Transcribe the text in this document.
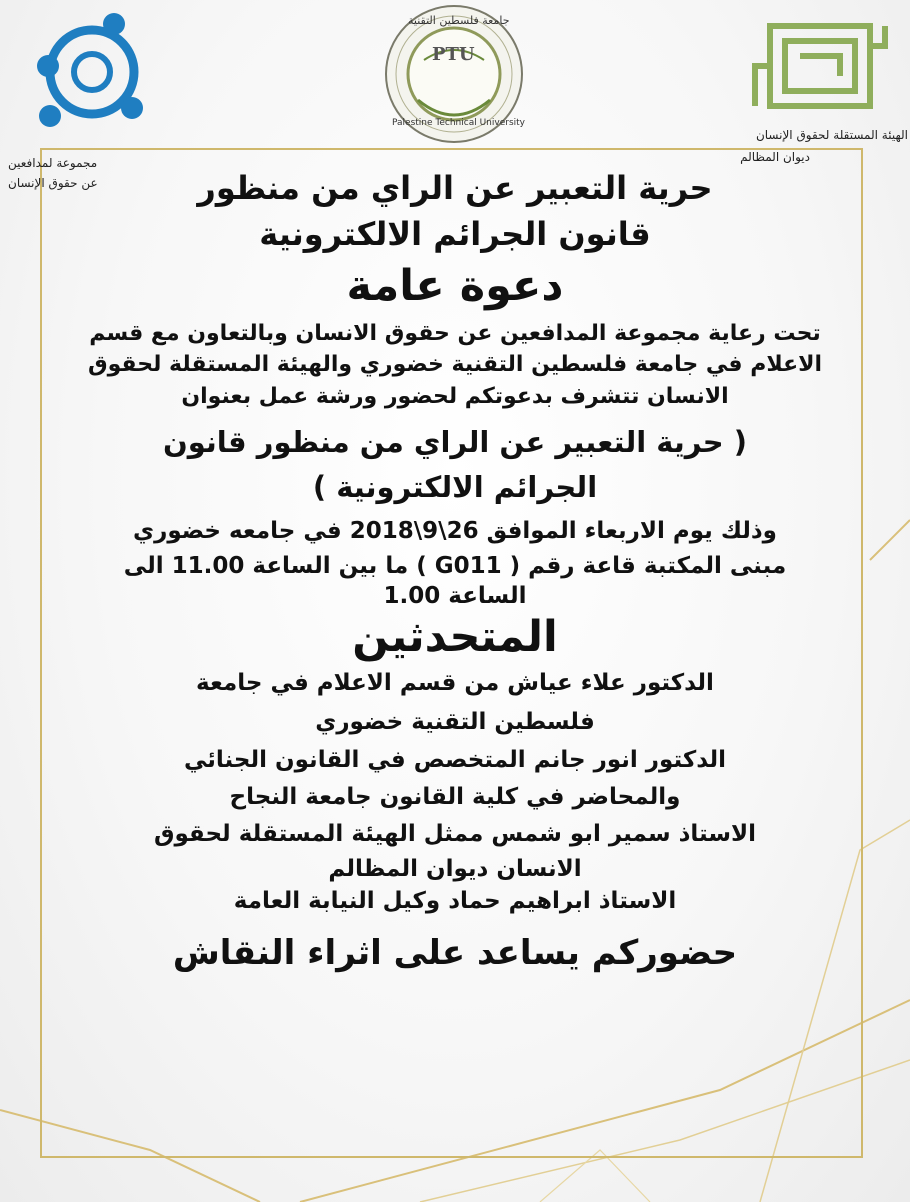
مجموعة لمدافعين
عن حقوق الإنسان
PTU
جامعة فلسطين التقنية
Palestine Technical University
الهيئة المستقلة لحقوق الإنسان
ديوان المظالم

حرية التعبير عن الراي من منظور

قانون الجرائم الالكترونية

دعوة عامة

تحت رعاية مجموعة المدافعين عن حقوق الانسان وبالتعاون مع قسم

الاعلام في جامعة فلسطين التقنية خضوري والهيئة المستقلة لحقوق

الانسان تتشرف بدعوتكم لحضور ورشة عمل بعنوان

( حرية التعبير عن الراي من منظور قانون

الجرائم الالكترونية )

وذلك يوم الاربعاء الموافق 26\9\2018 في جامعه خضوري

مبنى المكتبة قاعة رقم ( G011 ) ما بين الساعة 11.00 الى

الساعة 1.00

المتحدثين

الدكتور علاء عياش من قسم الاعلام في جامعة

فلسطين التقنية خضوري

الدكتور انور جانم المتخصص في القانون الجنائي

والمحاضر في كلية القانون جامعة النجاح

الاستاذ سمير ابو شمس ممثل الهيئة المستقلة لحقوق

الانسان ديوان المظالم

الاستاذ ابراهيم حماد وكيل النيابة العامة

حضوركم يساعد على اثراء النقاش
